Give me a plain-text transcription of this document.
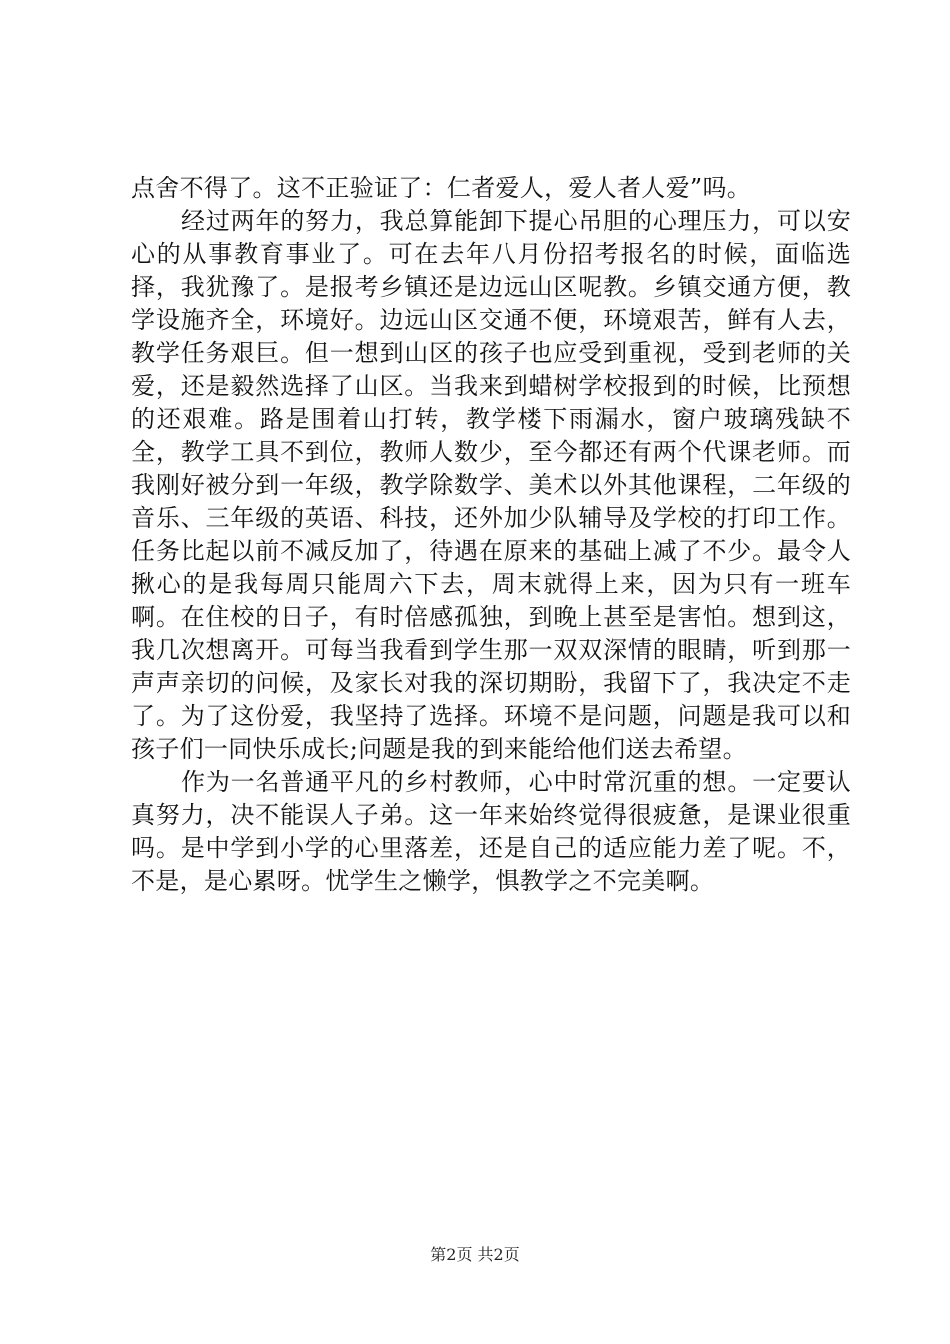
点舍不得了。这不正验证了：仁者爱人，爱人者人爱”吗。

经过两年的努力，我总算能卸下提心吊胆的心理压力，可以安心的从事教育事业了。可在去年八月份招考报名的时候，面临选择，我犹豫了。是报考乡镇还是边远山区呢教。乡镇交通方便，教学设施齐全，环境好。边远山区交通不便，环境艰苦，鲜有人去，教学任务艰巨。但一想到山区的孩子也应受到重视，受到老师的关爱，还是毅然选择了山区。当我来到蜡树学校报到的时候，比预想的还艰难。路是围着山打转，教学楼下雨漏水，窗户玻璃残缺不全，教学工具不到位，教师人数少，至今都还有两个代课老师。而我刚好被分到一年级，教学除数学、美术以外其他课程，二年级的音乐、三年级的英语、科技，还外加少队辅导及学校的打印工作。任务比起以前不减反加了，待遇在原来的基础上减了不少。最令人揪心的是我每周只能周六下去，周末就得上来，因为只有一班车啊。在住校的日子，有时倍感孤独，到晚上甚至是害怕。想到这，我几次想离开。可每当我看到学生那一双双深情的眼睛，听到那一声声亲切的问候，及家长对我的深切期盼，我留下了，我决定不走了。为了这份爱，我坚持了选择。环境不是问题，问题是我可以和孩子们一同快乐成长;问题是我的到来能给他们送去希望。

作为一名普通平凡的乡村教师，心中时常沉重的想。一定要认真努力，决不能误人子弟。这一年来始终觉得很疲惫，是课业很重吗。是中学到小学的心里落差，还是自己的适应能力差了呢。不，不是，是心累呀。忧学生之懒学，惧教学之不完美啊。

第2页 共2页
